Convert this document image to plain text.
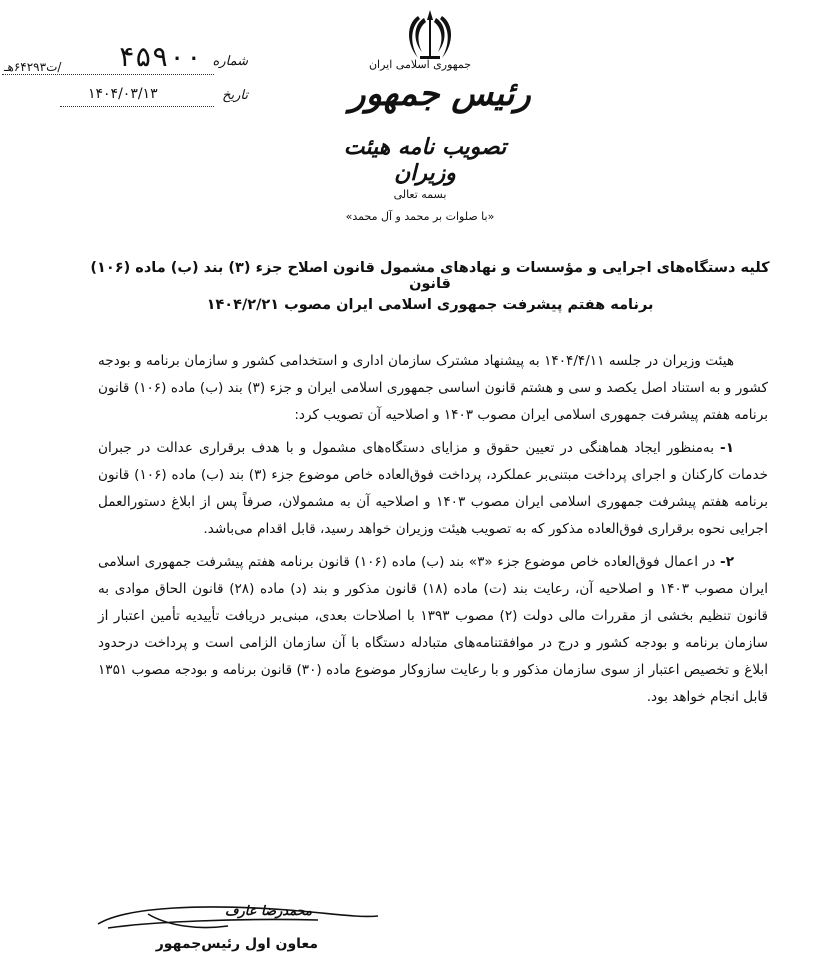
جمهوری اسلامی ایران
رئیس جمهور
تصویب نامه هیئت وزیران
بسمه تعالی
«با صلوات بر محمد و آل محمد»
شماره
۴۵۹۰۰
/ت۶۴۲۹۳هـ
تاریخ
۱۴۰۴/۰۳/۱۳
کلیه دستگاه‌های اجرایی و مؤسسات و نهادهای مشمول قانون اصلاح جزء (۳) بند (ب) ماده (۱۰۶) قانون
برنامه هفتم پیشرفت جمهوری اسلامی ایران مصوب ۱۴۰۴/۲/۲۱

هیئت وزیران در جلسه ۱۴۰۴/۴/۱۱ به پیشنهاد مشترک سازمان اداری و استخدامی کشور و سازمان برنامه و بودجه کشور و به استناد اصل یکصد و سی و هشتم قانون اساسی جمهوری اسلامی ایران و جزء (۳) بند (ب) ماده (۱۰۶) قانون برنامه هفتم پیشرفت جمهوری اسلامی ایران مصوب ۱۴۰۳ و اصلاحیه آن تصویب کرد:

۱- به‌منظور ایجاد هماهنگی در تعیین حقوق و مزایای دستگاه‌های مشمول و با هدف برقراری عدالت در جبران خدمات کارکنان و اجرای پرداخت مبتنی‌بر عملکرد، پرداخت فوق‌العاده خاص موضوع جزء (۳) بند (ب) ماده (۱۰۶) قانون برنامه هفتم پیشرفت جمهوری اسلامی ایران مصوب ۱۴۰۳ و اصلاحیه آن به مشمولان، صرفاً پس از ابلاغ دستورالعمل اجرایی نحوه برقراری فوق‌العاده مذکور که به تصویب هیئت وزیران خواهد رسید، قابل اقدام می‌باشد.

۲- در اعمال فوق‌العاده خاص موضوع جزء «۳» بند (ب) ماده (۱۰۶) قانون برنامه هفتم پیشرفت جمهوری اسلامی ایران مصوب ۱۴۰۳ و اصلاحیه آن، رعایت بند (ت) ماده (۱۸) قانون مذکور و بند (د) ماده (۲۸) قانون الحاق موادی به قانون تنظیم بخشی از مقررات مالی دولت (۲) مصوب ۱۳۹۳ با اصلاحات بعدی، مبنی‌بر دریافت تأییدیه تأمین اعتبار از سازمان برنامه و بودجه کشور و درج در موافقتنامه‌های متبادله دستگاه با آن سازمان الزامی است و پرداخت درحدود ابلاغ و تخصیص اعتبار از سوی سازمان مذکور و با رعایت سازوکار موضوع ماده (۳۰) قانون برنامه و بودجه مصوب ۱۳۵۱ قابل انجام خواهد بود.

محمدرضا عارف
معاون اول رئیس‌جمهور
